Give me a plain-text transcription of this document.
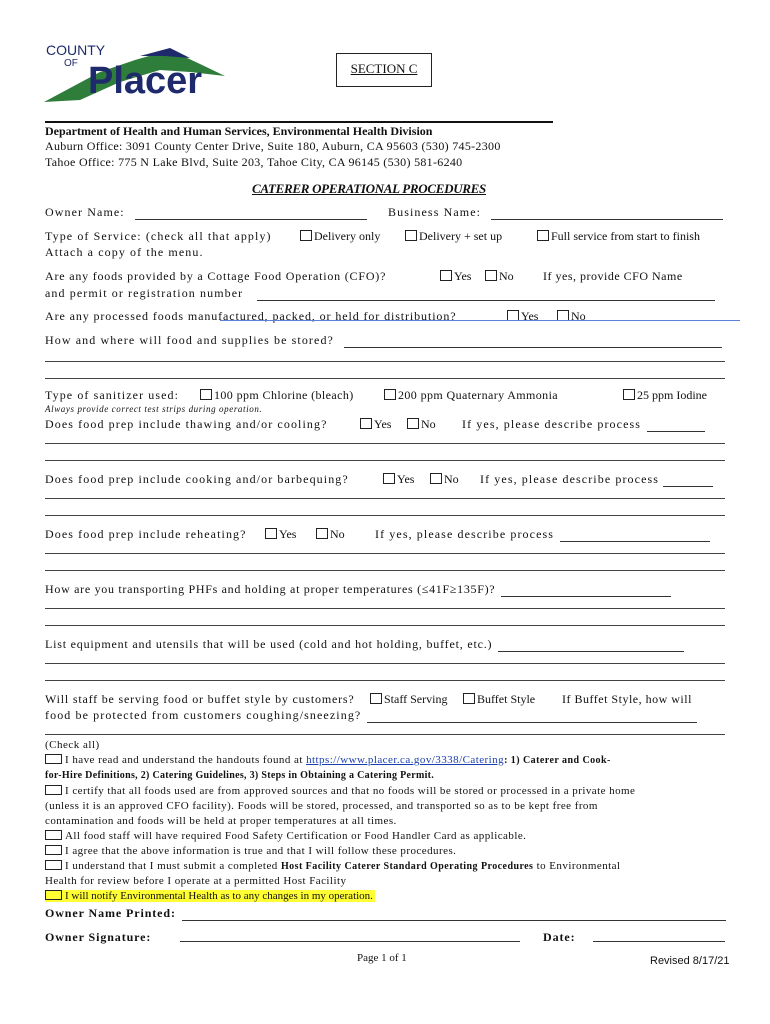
COUNTY
OF Placer	SECTION C
Department of Health and Human Services, Environmental Health Division
Auburn Office: 3091 County Center Drive, Suite 180, Auburn, CA 95603 (530) 745-2300
Tahoe Office: 775 N Lake Blvd, Suite 203, Tahoe City, CA 96145 (530) 581-6240
CATERER OPERATIONAL PROCEDURES
Owner Name:	Business Name:
Type of Service: (check all that apply)	Delivery only	Delivery + set up	Full service from start to finish
Attach a copy of the menu.
Are any foods provided by a Cottage Food Operation (CFO)?	Yes	No If yes, provide CFO Name
and permit or registration number
Are any processed foods manufactured, packed, or held for distribution?	Yes	No
How and where will food and supplies be stored?
Type of sanitizer used:	100 ppm Chlorine (bleach)	200 ppm Quaternary Ammonia	25 ppm Iodine
Always provide correct test strips during operation.
Does food prep include thawing and/or cooling?	Yes	No If yes, please describe process
Does food prep include cooking and/or barbequing?	Yes	No If yes, please describe process
Does food prep include reheating?	Yes	No	If yes, please describe process
How are you transporting PHFs and holding at proper temperatures (≤41F≥135F)?
List equipment and utensils that will be used (cold and hot holding, buffet, etc.)
Will staff be serving food or buffet style by customers?	Staff Serving	Buffet Style If Buffet Style, how will
food be protected from customers coughing/sneezing?
(Check all)
I have read and understand the handouts found at https://www.placer.ca.gov/3338/Catering: 1) Caterer and Cook-
for-Hire Definitions, 2) Catering Guidelines, 3) Steps in Obtaining a Catering Permit.
I certify that all foods used are from approved sources and that no foods will be stored or processed in a private home
(unless it is an approved CFO facility). Foods will be stored, processed, and transported so as to be kept free from
contamination and foods will be held at proper temperatures at all times.
All food staff will have required Food Safety Certification or Food Handler Card as applicable.
I agree that the above information is true and that I will follow these procedures.
I understand that I must submit a completed Host Facility Caterer Standard Operating Procedures to Environmental
Health for review before I operate at a permitted Host Facility
I will notify Environmental Health as to any changes in my operation.
Owner Name Printed:
Owner Signature:	Date:
Page 1 of 1	Revised 8/17/21
